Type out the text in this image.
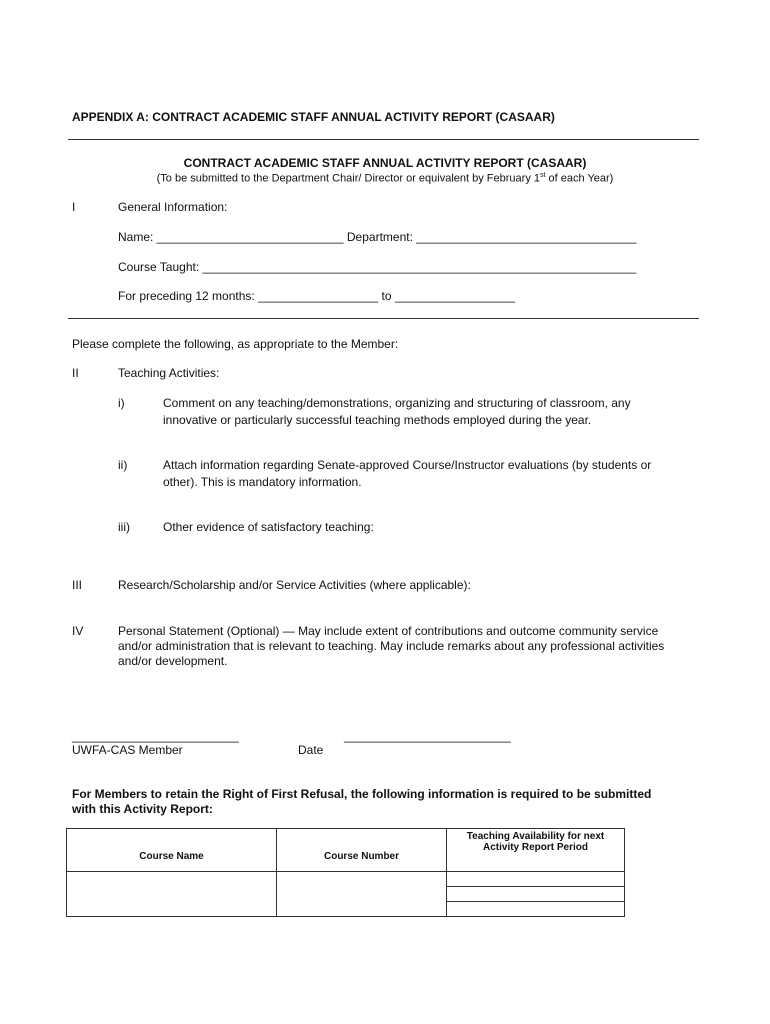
APPENDIX A: CONTRACT ACADEMIC STAFF ANNUAL ACTIVITY REPORT (CASAAR)
CONTRACT ACADEMIC STAFF ANNUAL ACTIVITY REPORT (CASAAR)
(To be submitted to the Department Chair/ Director or equivalent by February 1st of each Year)
I	General Information:
Name: ____________________________ Department: _________________________________
Course Taught: _________________________________________________________________
For preceding 12 months: __________________ to __________________
Please complete the following, as appropriate to the Member:
II	Teaching Activities:
i)	Comment on any teaching/demonstrations, organizing and structuring of classroom, any
innovative or particularly successful teaching methods employed during the year.
ii)	Attach information regarding Senate-approved Course/Instructor evaluations (by students or
other). This is mandatory information.
iii)	Other evidence of satisfactory teaching:
III	Research/Scholarship and/or Service Activities (where applicable):
IV	Personal Statement (Optional) — May include extent of contributions and outcome community service
and/or administration that is relevant to teaching. May include remarks about any professional activities
and/or development.
_________________________
UWFA-CAS Member
_________________________
Date
For Members to retain the Right of First Refusal, the following information is required to be submitted
with this Activity Report:
Course Name	Course Number	Teaching Availability for next
Activity Report Period
